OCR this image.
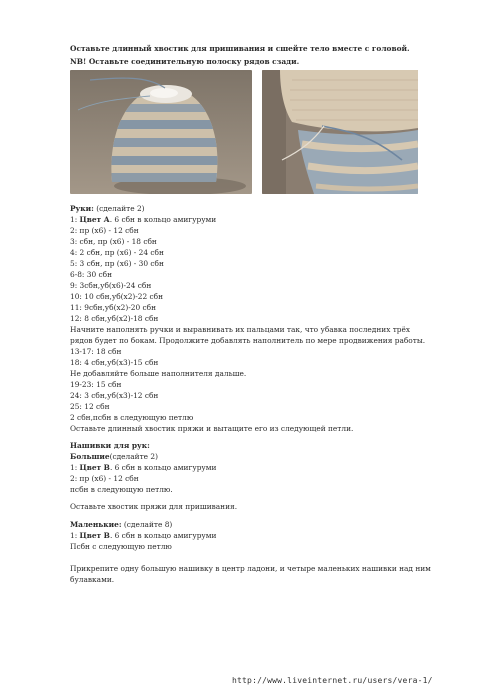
Оставьте длинный хвостик для пришивания и сшейте тело вместе с головой.
NB! Оставьте соединительную полоску рядов сзади.
Руки: (сделайте 2)
1: Цвет А. 6 сбн в кольцо амигуруми
2: пр (х6) - 12 сбн
3: сбн, пр (х6) - 18 сбн
4: 2 сбн, пр (х6) - 24 сбн
5: 3 сбн, пр (х6) - 30 сбн
6-8: 30 сбн
9: 3сбн,уб(х6)-24 сбн
10: 10 сбн,уб(х2)-22 сбн
11: 9сбн,уб(х2)-20 сбн
12: 8 сбн,уб(х2)-18 сбн
Начните наполнять ручки и выравнивать их пальцами так, что убавка последних трёх
рядов будет по бокам. Продолжите добавлять наполнитель по мере продвижения работы.
13-17: 18 сбн
18: 4 сбн,уб(х3)-15 сбн
Не добавляйте больше наполнителя дальше.
19-23: 15 сбн
24: 3 сбн,уб(х3)-12 сбн
25: 12 сбн
2 сбн,псбн в следующую петлю
Оставьте длинный хвостик пряжи и вытащите его из следующей петли.
Нашивки для рук:
Большие(сделайте 2)
1: Цвет В. 6 сбн в кольцо амигуруми
2: пр (х6) - 12 сбн
псбн в следующую петлю.
Оставьте хвостик пряжи для пришивания.
Маленькие: (сделайте 8)
1: Цвет В. 6 сбн в кольцо амигуруми
Псбн с следующую петлю
Прикрепите одну большую нашивку в центр ладони, и четыре маленьких нашивки над ним
булавками.
http://www.liveinternet.ru/users/vera-1/
